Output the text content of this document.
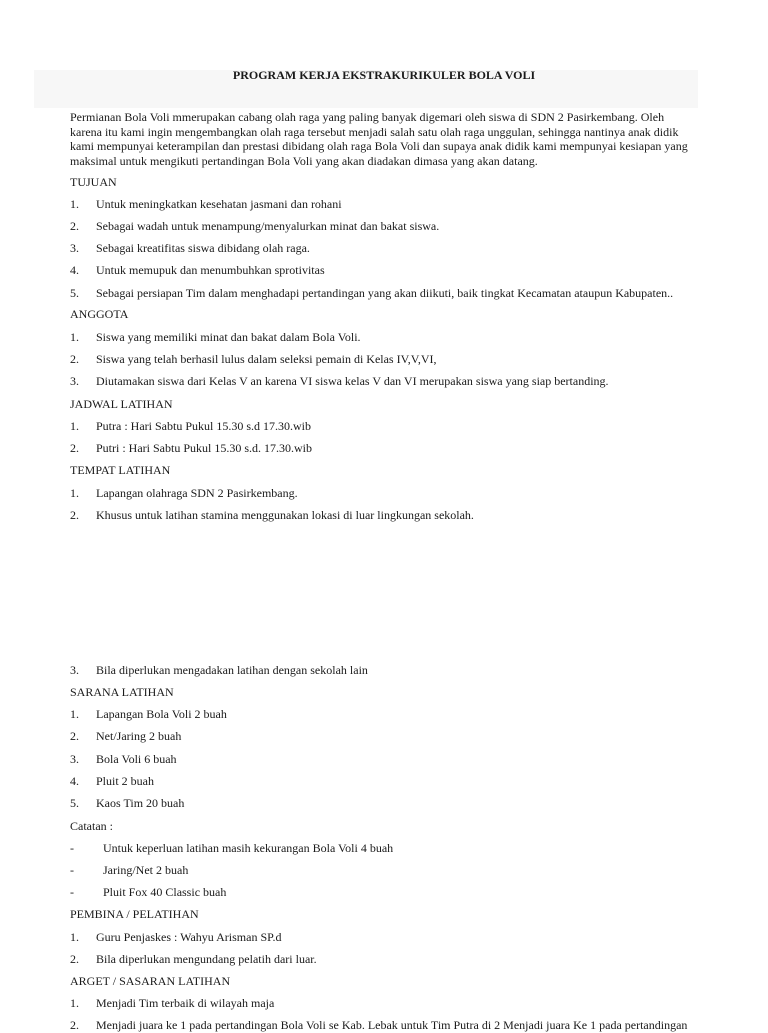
PROGRAM KERJA EKSTRAKURIKULER BOLA VOLI

Permianan Bola Voli mmerupakan cabang olah raga yang paling banyak digemari oleh siswa di SDN 2 Pasirkembang. Oleh karena itu kami ingin mengembangkan olah raga tersebut menjadi salah satu olah raga unggulan, sehingga nantinya anak didik kami mempunyai keterampilan dan prestasi dibidang olah raga Bola Voli dan supaya anak didik kami mempunyai kesiapan yang maksimal untuk mengikuti pertandingan Bola Voli yang akan diadakan dimasa yang akan datang.

TUJUAN
1. Untuk meningkatkan kesehatan jasmani dan rohani
2. Sebagai wadah untuk menampung/menyalurkan minat dan bakat siswa.
3. Sebagai kreatifitas siswa dibidang olah raga.
4. Untuk memupuk dan menumbuhkan sprotivitas
5. Sebagai persiapan Tim dalam menghadapi pertandingan yang akan diikuti, baik tingkat Kecamatan ataupun Kabupaten..
ANGGOTA
1. Siswa yang memiliki minat dan bakat dalam Bola Voli.
2. Siswa yang telah berhasil lulus dalam seleksi pemain di Kelas IV,V,VI,
3. Diutamakan siswa dari Kelas V an karena VI siswa kelas V dan VI merupakan siswa yang siap bertanding.
JADWAL LATIHAN
1. Putra : Hari Sabtu Pukul 15.30 s.d 17.30.wib
2. Putri : Hari Sabtu Pukul 15.30 s.d. 17.30.wib
TEMPAT LATIHAN
1. Lapangan olahraga SDN 2 Pasirkembang.
2. Khusus untuk latihan stamina menggunakan lokasi di luar lingkungan sekolah.
3. Bila diperlukan mengadakan latihan dengan sekolah lain
SARANA LATIHAN
1. Lapangan Bola Voli 2 buah
2. Net/Jaring 2 buah
3. Bola Voli 6 buah
4. Pluit 2 buah
5. Kaos Tim 20 buah
Catatan :
- Untuk keperluan latihan masih kekurangan Bola Voli 4 buah
- Jaring/Net 2 buah
- Pluit Fox 40 Classic buah
PEMBINA / PELATIHAN
1. Guru Penjaskes : Wahyu Arisman SP.d
2. Bila diperlukan mengundang pelatih dari luar.
ARGET / SASARAN LATIHAN
1. Menjadi Tim terbaik di wilayah maja
2. Menjadi juara ke 1 pada pertandingan Bola Voli se Kab. Lebak untuk Tim Putra di 2 Menjadi juara Ke 1 pada pertandingan
